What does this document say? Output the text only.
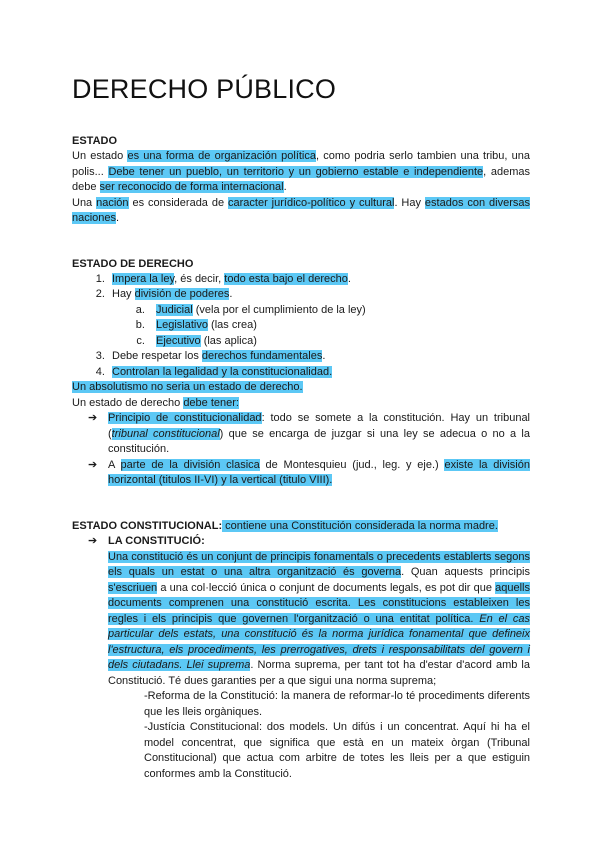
DERECHO PÚBLICO

ESTADO

Un estado es una forma de organización política, como podria serlo tambien una tribu, una polis... Debe tener un pueblo, un territorio y un gobierno estable e independiente, ademas debe ser reconocido de forma internacional.

Una nación es considerada de caracter jurídico-político y cultural. Hay estados con diversas naciones.

ESTADO DE DERECHO

1. Impera la ley, és decir, todo esta bajo el derecho.
2. Hay división de poderes.
a. Judicial (vela por el cumplimiento de la ley)
b. Legislativo (las crea)
c. Ejecutivo (las aplica)
3. Debe respetar los derechos fundamentales.
4. Controlan la legalidad y la constitucionalidad.

Un absolutismo no seria un estado de derecho.

Un estado de derecho debe tener:

➔ Principio de constitucionalidad: todo se somete a la constitución. Hay un tribunal (tribunal constitucional) que se encarga de juzgar si una ley se adecua o no a la constitución.
➔ A parte de la división clasica de Montesquieu (jud., leg. y eje.) existe la división horizontal (titulos II-VI) y la vertical (titulo VIII).

ESTADO CONSTITUCIONAL: contiene una Constitución considerada la norma madre.

➔ LA CONSTITUCIÓ:
Una constitució és un conjunt de principis fonamentals o precedents establerts segons els quals un estat o una altra organització és governa. Quan aquests principis s'escriuen a una col·lecció única o conjunt de documents legals, es pot dir que aquells documents comprenen una constitució escrita. Les constitucions estableixen les regles i els principis que governen l'organització o una entitat política. En el cas particular dels estats, una constitució és la norma jurídica fonamental que defineix l'estructura, els procediments, les prerrogatives, drets i responsabilitats del govern i dels ciutadans. Llei suprema. Norma suprema, per tant tot ha d'estar d'acord amb la Constitució. Té dues garanties per a que sigui una norma suprema;
-Reforma de la Constitució: la manera de reformar-lo té procediments diferents que les lleis orgàniques.
-Justícia Constitucional: dos models. Un difús i un concentrat. Aquí hi ha el model concentrat, que significa que està en un mateix òrgan (Tribunal Constitucional) que actua com arbitre de totes les lleis per a que estiguin conformes amb la Constitució.
